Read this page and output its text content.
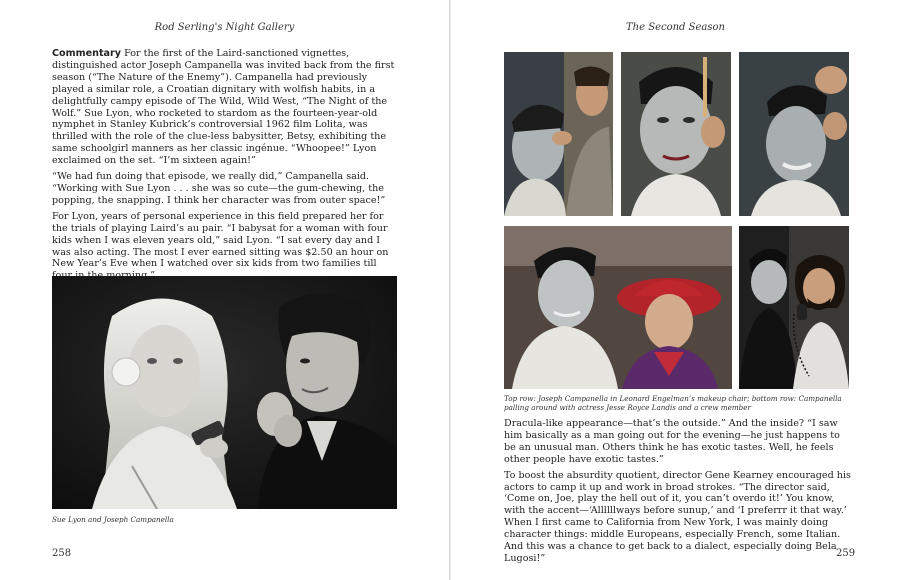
Rod Serling's Night Gallery

Commentary For the first of the Laird-sanctioned vignettes, distinguished actor Joseph Campanella was invited back from the first season (“The Nature of the Enemy”). Campanella had previously played a similar role, a Croatian dignitary with wolfish habits, in a delightfully campy episode of The Wild, Wild West, “The Night of the Wolf.” Sue Lyon, who rocketed to stardom as the fourteen-year-old nymphet in Stanley Kubrick’s controversial 1962 film Lolita, was thrilled with the role of the clue-less babysitter, Betsy, exhibiting the same schoolgirl manners as her classic ingénue. “Whoopee!” Lyon exclaimed on the set. “I’m sixteen again!”

“We had fun doing that episode, we really did,” Campanella said. “Working with Sue Lyon . . . she was so cute—the gum-chewing, the popping, the snapping. I think her character was from outer space!”

For Lyon, years of personal experience in this field prepared her for the trials of playing Laird’s au pair. “I babysat for a woman with four kids when I was eleven years old,” said Lyon. “I sat every day and I was also acting. The most I ever earned sitting was $2.50 an hour on New Year’s Eve when I watched over six kids from two families till

Sue Lyon and Joseph Campanella
258
The Second Season
Top row: Joseph Campanella in Leonard Engelman’s makeup chair; bottom row: Campanella palling around with actress Jesse Royce Landis and a crew member

Dracula-like appearance—that’s the outside.” And the inside? “I saw him basically as a man going out for the evening—he just happens to be an unusual man. Others think he has exotic tastes. Well, he feels other people have exotic tastes.”

To boost the absurdity quotient, director Gene Kearney encouraged his actors to camp it up and work in broad strokes. “The director said, ‘Come on, Joe, play the hell out of it, you can’t overdo it!’ You know, with the accent—‘Allllllways before sunup,’ and ‘I preferrr it that way.’ When I first came to California from New York, I was mainly doing character things: middle Europeans, especially French, some Italian. And this was a chance to get back to a dialect, especially doing Bela Lugosi!”	259
